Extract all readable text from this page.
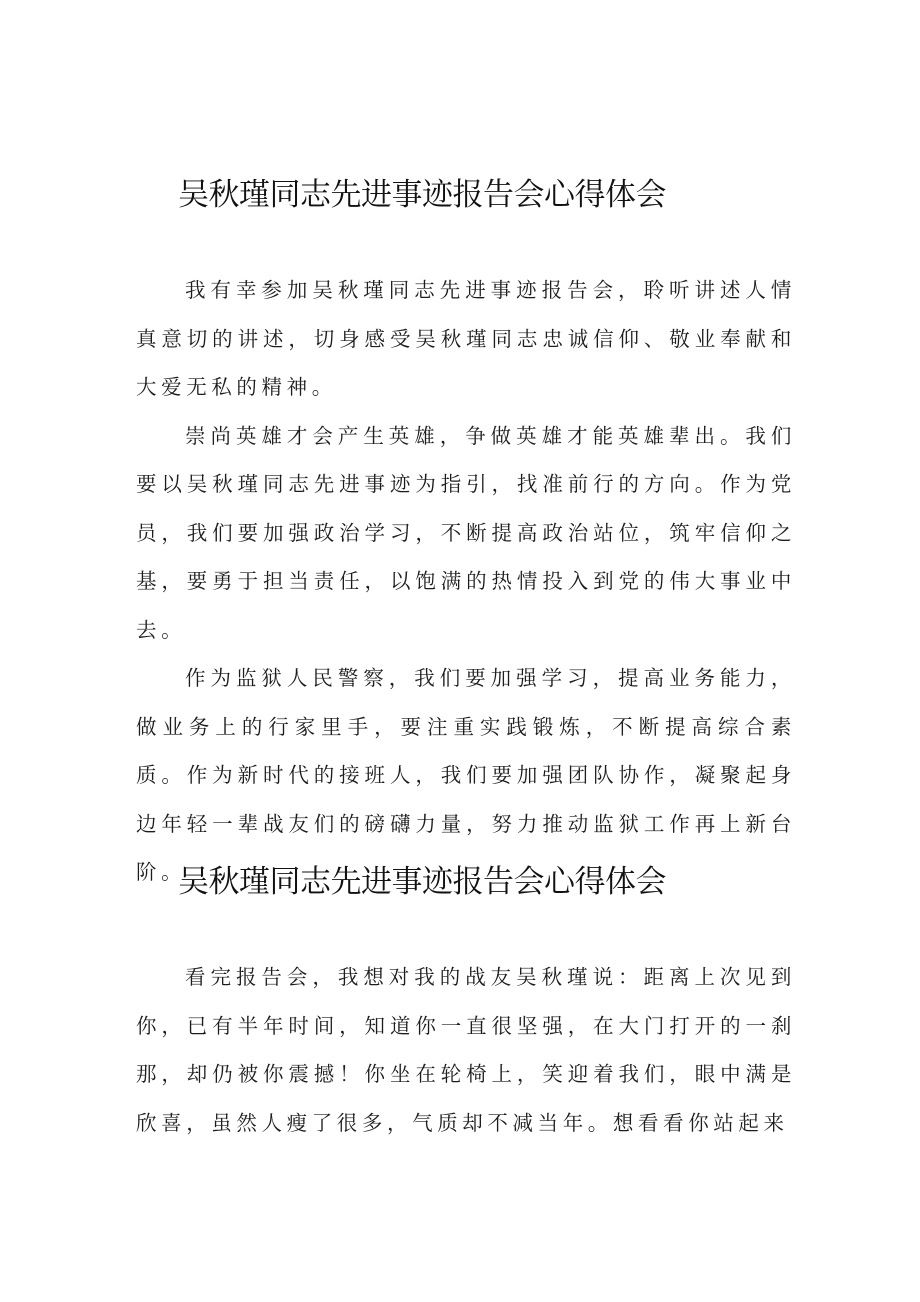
吴秋瑾同志先进事迹报告会心得体会

我有幸参加吴秋瑾同志先进事迹报告会，聆听讲述人情真意切的讲述，切身感受吴秋瑾同志忠诚信仰、敬业奉献和大爱无私的精神。

崇尚英雄才会产生英雄，争做英雄才能英雄辈出。我们要以吴秋瑾同志先进事迹为指引，找准前行的方向。作为党员，我们要加强政治学习，不断提高政治站位，筑牢信仰之基，要勇于担当责任，以饱满的热情投入到党的伟大事业中去。

作为监狱人民警察，我们要加强学习，提高业务能力，做业务上的行家里手，要注重实践锻炼，不断提高综合素质。作为新时代的接班人，我们要加强团队协作，凝聚起身边年轻一辈战友们的磅礴力量，努力推动监狱工作再上新台阶。

吴秋瑾同志先进事迹报告会心得体会

看完报告会，我想对我的战友吴秋瑾说：距离上次见到你，已有半年时间，知道你一直很坚强，在大门打开的一刹那，却仍被你震撼！你坐在轮椅上，笑迎着我们，眼中满是欣喜，虽然人瘦了很多，气质却不减当年。想看看你站起来
